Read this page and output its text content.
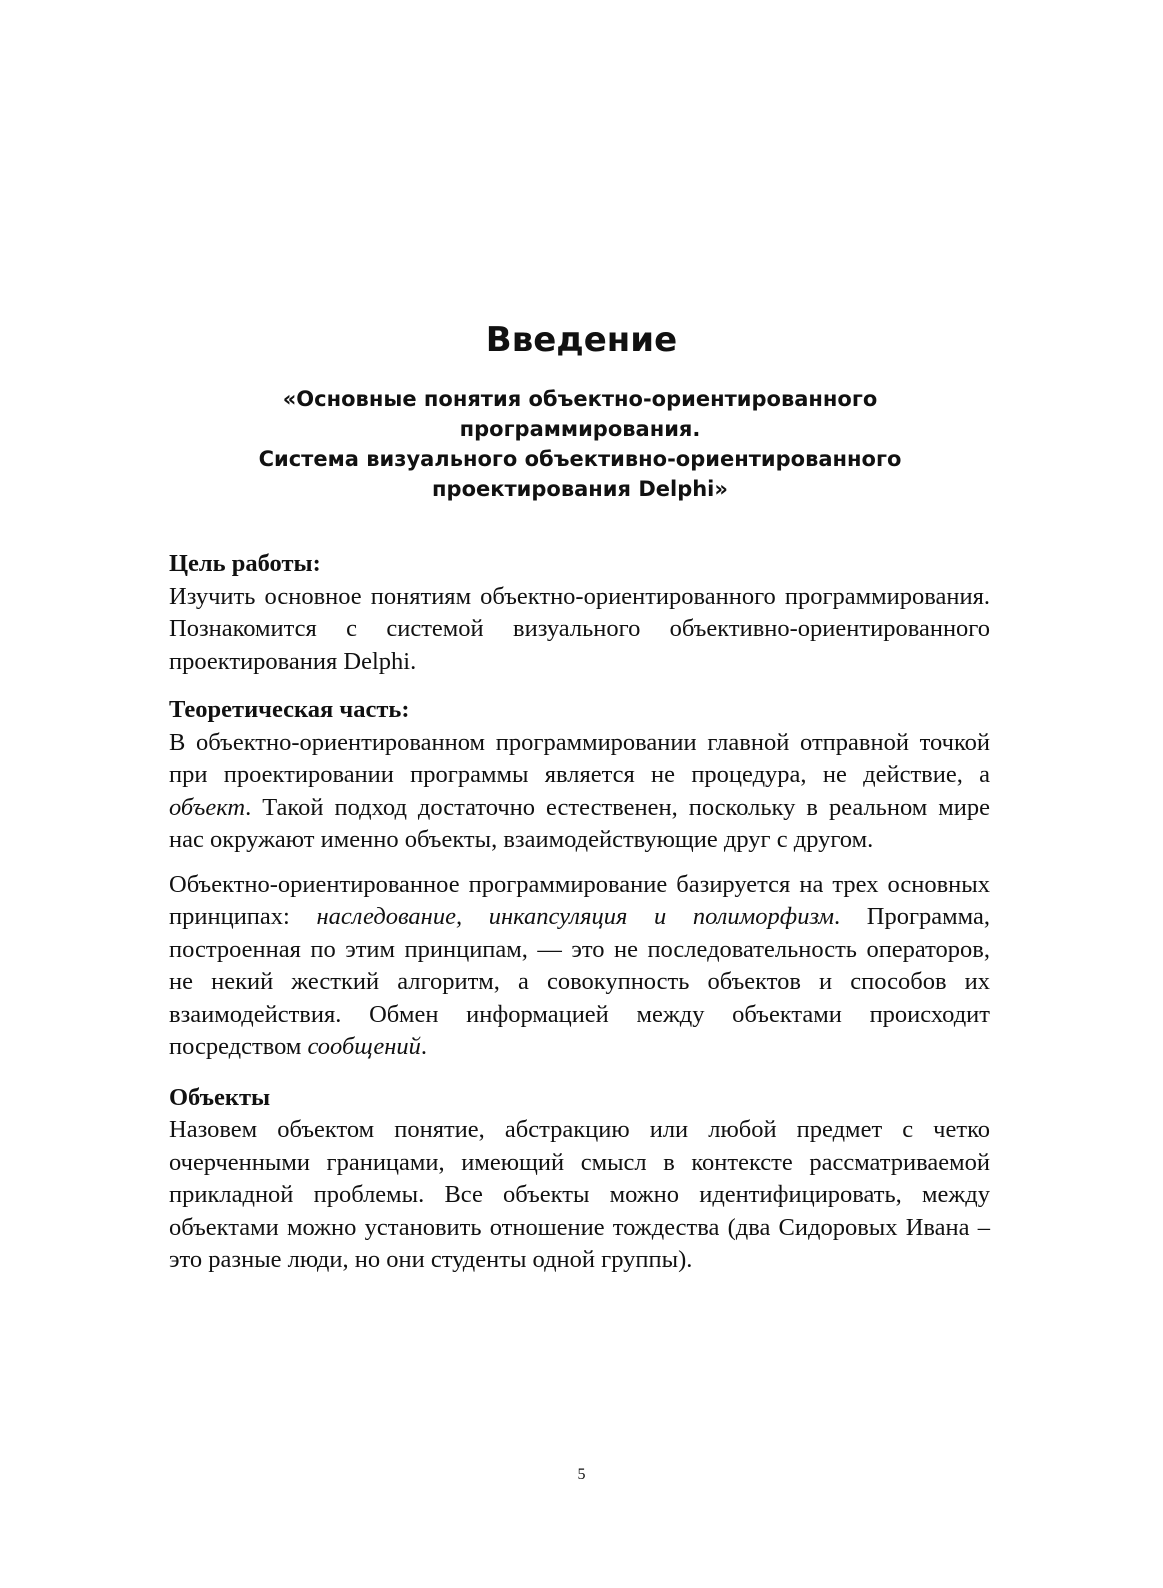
Введение
«Основные понятия объектно-ориентированного
программирования.
Система визуального объективно-ориентированного
проектирования Delphi»
Цель работы:

Изучить основное понятиям объектно-ориентированного программирования. Познакомится с системой визуального объективно-ориентированного проектирования Delphi.

Теоретическая часть:

В объектно-ориентированном программировании главной отправной точкой при проектировании программы является не процедура, не действие, а объект. Такой подход достаточно естественен, поскольку в реальном мире нас окружают именно объекты, взаимодействующие друг с другом.

Объектно-ориентированное программирование базируется на трех основных принципах: наследование, инкапсуляция и полиморфизм. Программа, построенная по этим принципам, — это не последовательность операторов, не некий жесткий алгоритм, а совокупность объектов и способов их взаимодействия. Обмен информацией между объектами происходит посредством сообщений.

Объекты

Назовем объектом понятие, абстракцию или любой предмет с четко очерченными границами, имеющий смысл в контексте рассматриваемой прикладной проблемы. Все объекты можно идентифицировать, между объектами можно установить отношение тождества (два Сидоровых Ивана – это разные люди, но они студенты одной группы).

5
